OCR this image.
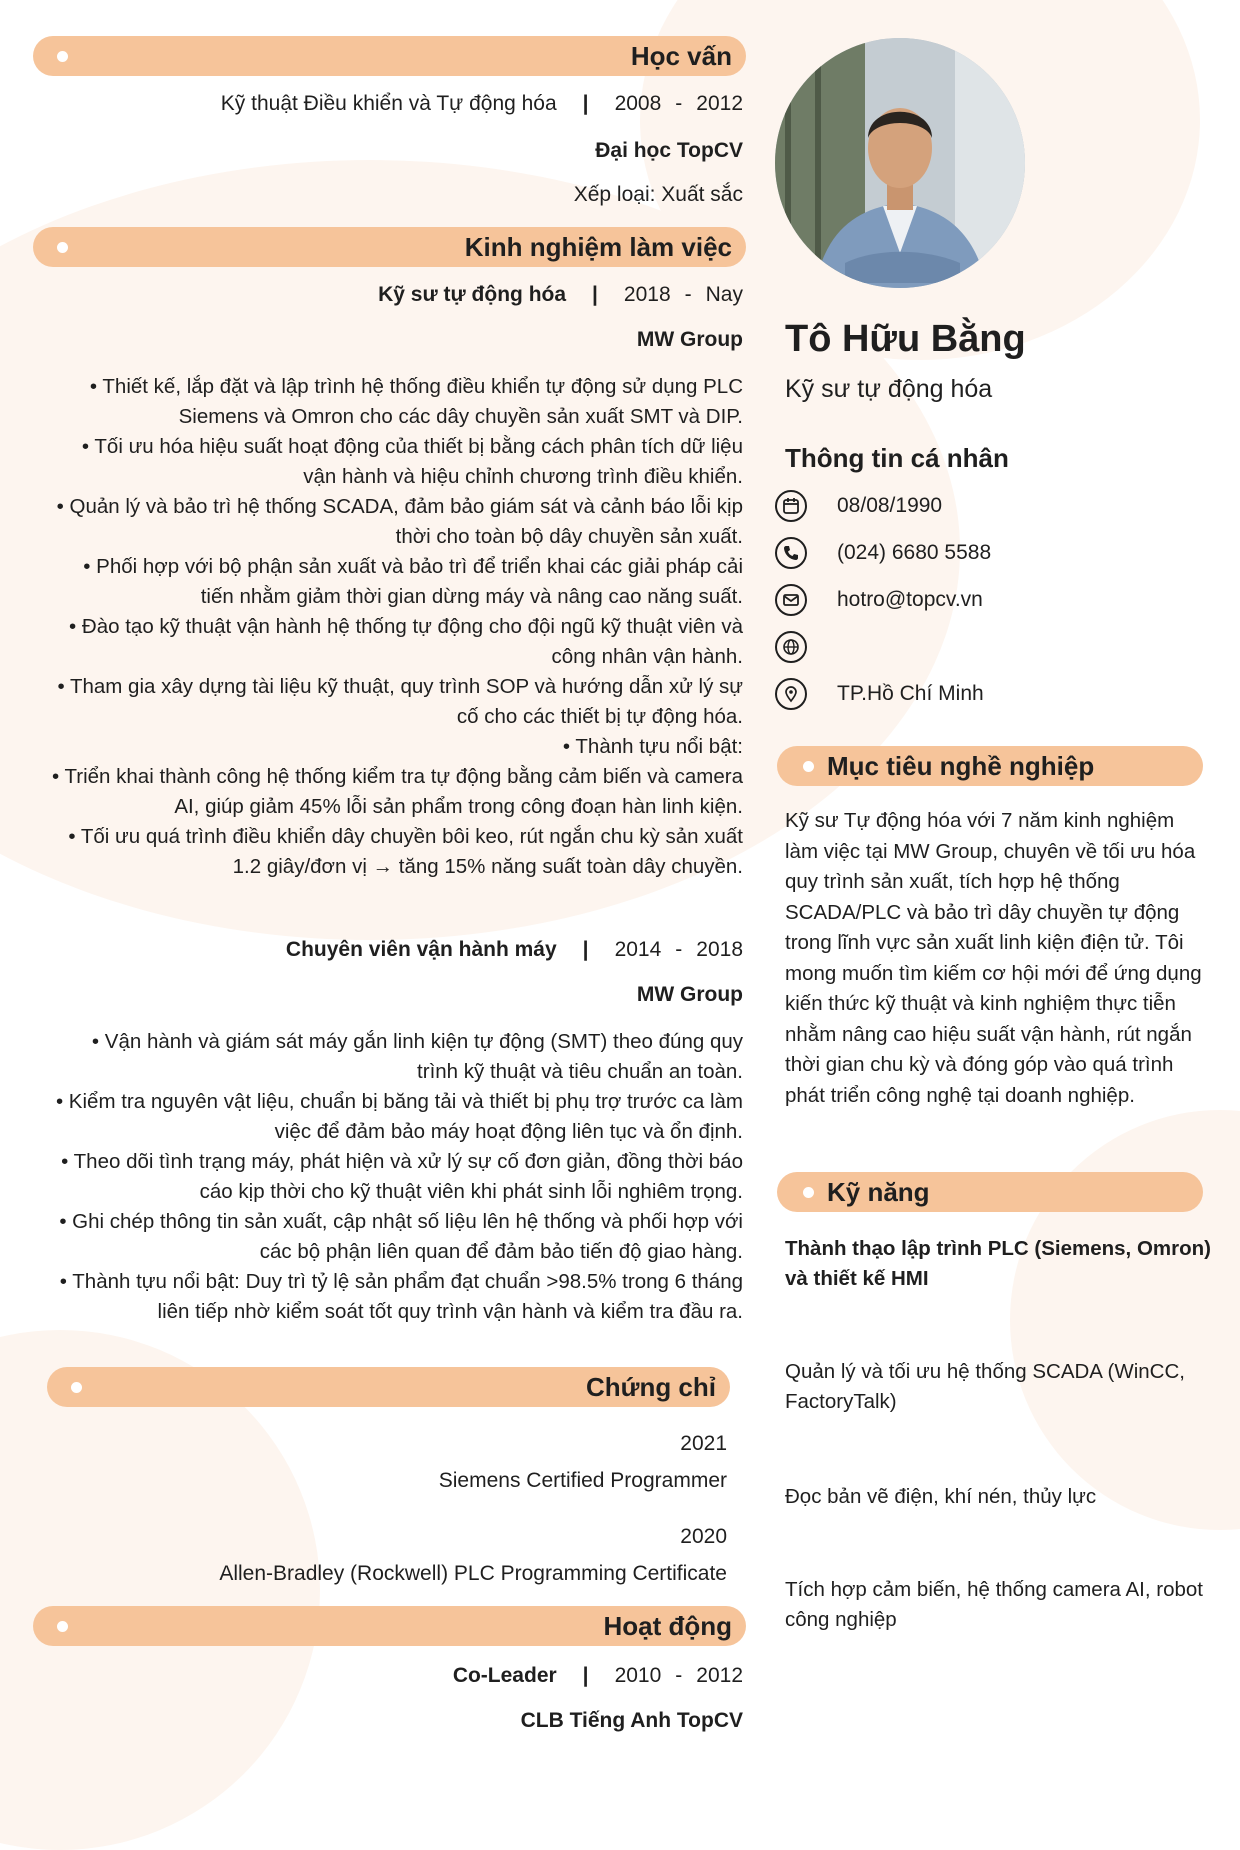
Học vấn
Kỹ thuật Điều khiển và Tự động hóa | 2008 - 2012
Đại học TopCV
Xếp loại: Xuất sắc
Kinh nghiệm làm việc
Kỹ sư tự động hóa | 2018 - Nay
MW Group
• Thiết kế, lắp đặt và lập trình hệ thống điều khiển tự động sử dụng PLC Siemens và Omron cho các dây chuyền sản xuất SMT và DIP.
• Tối ưu hóa hiệu suất hoạt động của thiết bị bằng cách phân tích dữ liệu vận hành và hiệu chỉnh chương trình điều khiển.
• Quản lý và bảo trì hệ thống SCADA, đảm bảo giám sát và cảnh báo lỗi kịp thời cho toàn bộ dây chuyền sản xuất.
• Phối hợp với bộ phận sản xuất và bảo trì để triển khai các giải pháp cải tiến nhằm giảm thời gian dừng máy và nâng cao năng suất.
• Đào tạo kỹ thuật vận hành hệ thống tự động cho đội ngũ kỹ thuật viên và công nhân vận hành.
• Tham gia xây dựng tài liệu kỹ thuật, quy trình SOP và hướng dẫn xử lý sự cố cho các thiết bị tự động hóa.
• Thành tựu nổi bật:
• Triển khai thành công hệ thống kiểm tra tự động bằng cảm biến và camera AI, giúp giảm 45% lỗi sản phẩm trong công đoạn hàn linh kiện.
• Tối ưu quá trình điều khiển dây chuyền bôi keo, rút ngắn chu kỳ sản xuất 1.2 giây/đơn vị → tăng 15% năng suất toàn dây chuyền.
Chuyên viên vận hành máy | 2014 - 2018
MW Group
• Vận hành và giám sát máy gắn linh kiện tự động (SMT) theo đúng quy trình kỹ thuật và tiêu chuẩn an toàn.
• Kiểm tra nguyên vật liệu, chuẩn bị băng tải và thiết bị phụ trợ trước ca làm việc để đảm bảo máy hoạt động liên tục và ổn định.
• Theo dõi tình trạng máy, phát hiện và xử lý sự cố đơn giản, đồng thời báo cáo kịp thời cho kỹ thuật viên khi phát sinh lỗi nghiêm trọng.
• Ghi chép thông tin sản xuất, cập nhật số liệu lên hệ thống và phối hợp với các bộ phận liên quan để đảm bảo tiến độ giao hàng.
• Thành tựu nổi bật: Duy trì tỷ lệ sản phẩm đạt chuẩn >98.5% trong 6 tháng liên tiếp nhờ kiểm soát tốt quy trình vận hành và kiểm tra đầu ra.
Chứng chỉ
2021
Siemens Certified Programmer
2020
Allen-Bradley (Rockwell) PLC Programming Certificate
Hoạt động
Co-Leader | 2010 - 2012
CLB Tiếng Anh TopCV
Tô Hữu Bằng
Kỹ sư tự động hóa
Thông tin cá nhân
08/08/1990
(024) 6680 5588
hotro@topcv.vn
TP.Hồ Chí Minh
Mục tiêu nghề nghiệp
Kỹ sư Tự động hóa với 7 năm kinh nghiệm làm việc tại MW Group, chuyên về tối ưu hóa quy trình sản xuất, tích hợp hệ thống SCADA/PLC và bảo trì dây chuyền tự động trong lĩnh vực sản xuất linh kiện điện tử. Tôi mong muốn tìm kiếm cơ hội mới để ứng dụng kiến thức kỹ thuật và kinh nghiệm thực tiễn nhằm nâng cao hiệu suất vận hành, rút ngắn thời gian chu kỳ và đóng góp vào quá trình phát triển công nghệ tại doanh nghiệp.
Kỹ năng
Thành thạo lập trình PLC (Siemens, Omron) và thiết kế HMI
Quản lý và tối ưu hệ thống SCADA (WinCC, FactoryTalk)
Đọc bản vẽ điện, khí nén, thủy lực
Tích hợp cảm biến, hệ thống camera AI, robot công nghiệp
